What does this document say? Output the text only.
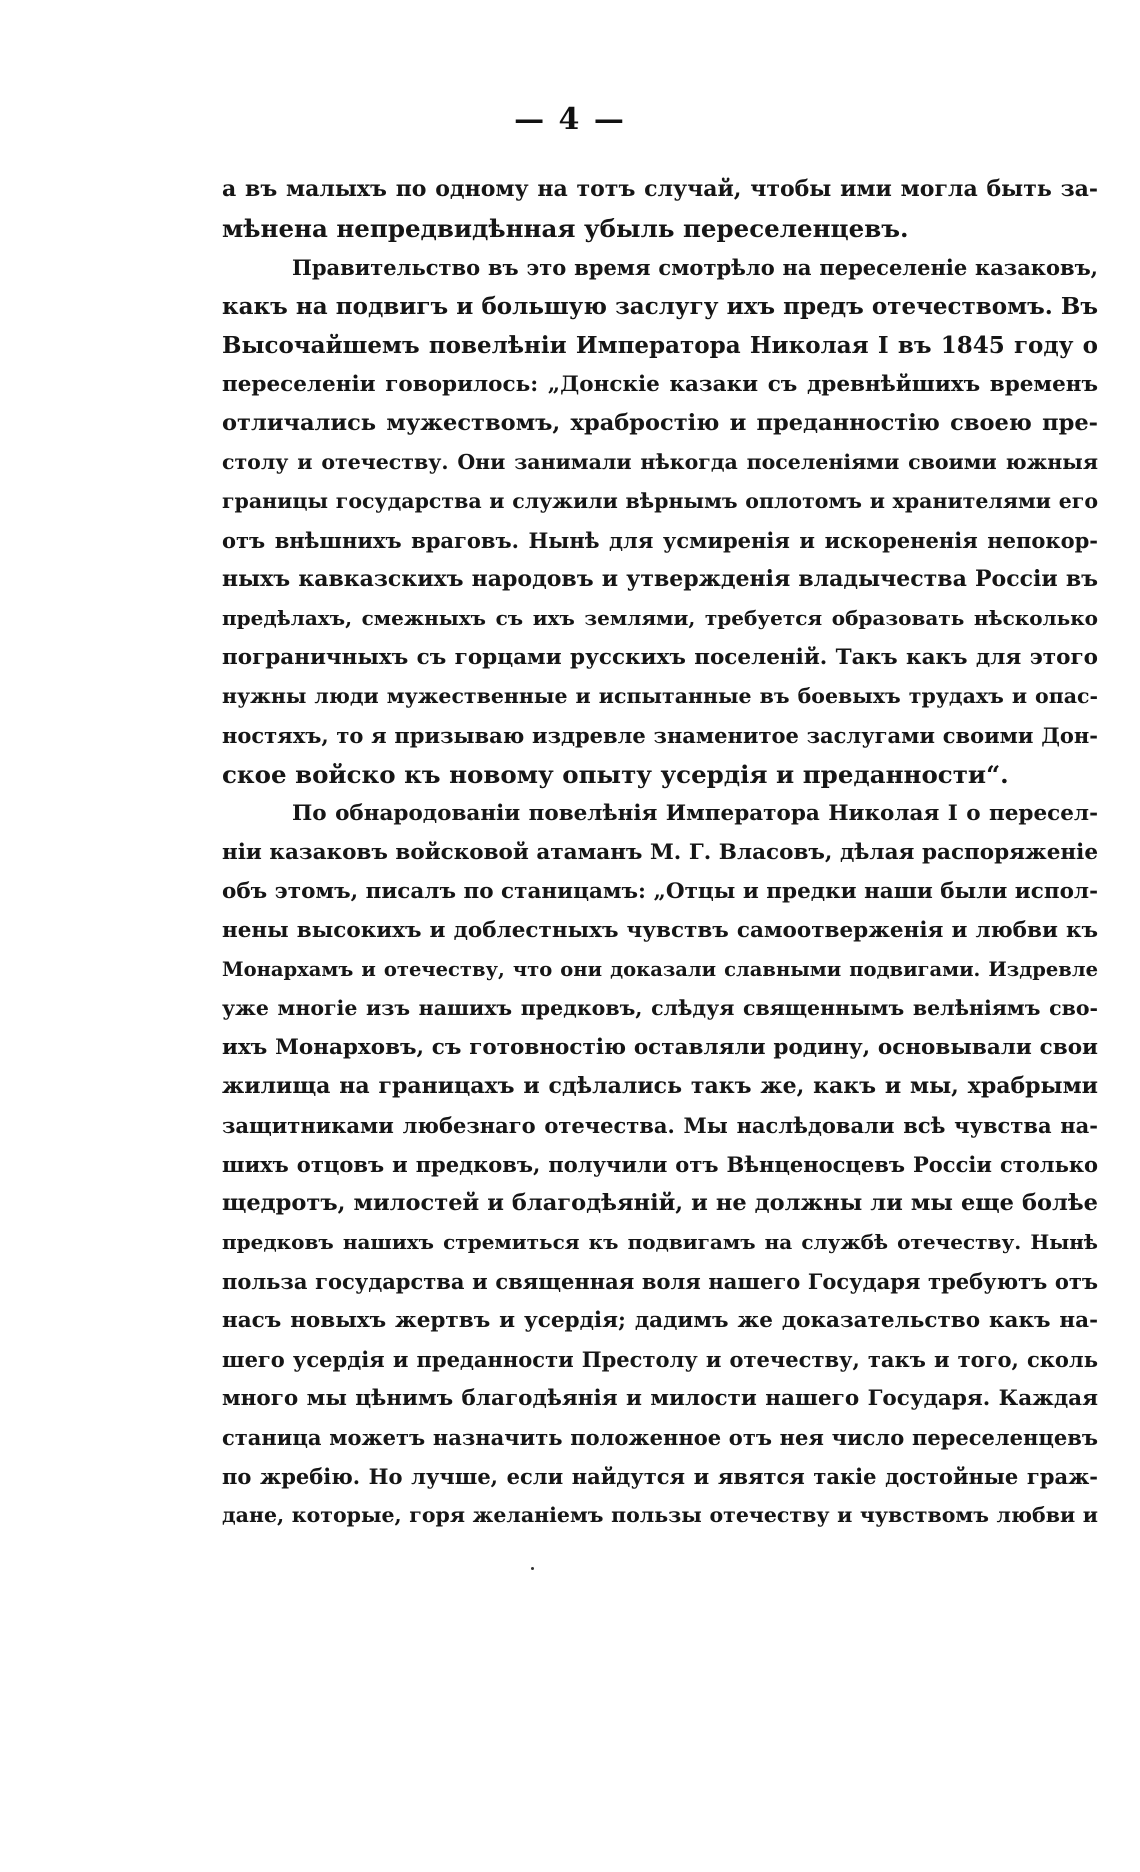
— 4 —
а въ малыхъ по одному на тотъ случай, чтобы ими могла быть за-
мѣнена непредвидѣнная убыль переселенцевъ.
Правительство въ это время смотрѣло на переселеніе казаковъ,
какъ на подвигъ и большую заслугу ихъ предъ отечествомъ. Въ
Высочайшемъ повелѣніи Императора Николая I въ 1845 году о
переселеніи говорилось: „Донскіе казаки съ древнѣйшихъ временъ
отличались мужествомъ, храбростію и преданностію своею пре-
столу и отечеству. Они занимали нѣкогда поселеніями своими южныя
границы государства и служили вѣрнымъ оплотомъ и хранителями его
отъ внѣшнихъ враговъ. Нынѣ для усмиренія и искорененія непокор-
ныхъ кавказскихъ народовъ и утвержденія владычества Россіи въ
предѣлахъ, смежныхъ съ ихъ землями, требуется образовать нѣсколько
пограничныхъ съ горцами русскихъ поселеній. Такъ какъ для этого
нужны люди мужественные и испытанные въ боевыхъ трудахъ и опас-
ностяхъ, то я призываю издревле знаменитое заслугами своими Дон-
ское войско къ новому опыту усердія и преданности“.
По обнародованіи повелѣнія Императора Николая I о пересел-
ніи казаковъ войсковой атаманъ М. Г. Власовъ, дѣлая распоряженіе
объ этомъ, писалъ по станицамъ: „Отцы и предки наши были испол-
нены высокихъ и доблестныхъ чувствъ самоотверженія и любви къ
Монархамъ и отечеству, что они доказали славными подвигами. Издревле
уже многіе изъ нашихъ предковъ, слѣдуя священнымъ велѣніямъ сво-
ихъ Монарховъ, съ готовностію оставляли родину, основывали свои
жилища на границахъ и сдѣлались такъ же, какъ и мы, храбрыми
защитниками любезнаго отечества. Мы наслѣдовали всѣ чувства на-
шихъ отцовъ и предковъ, получили отъ Вѣнценосцевъ Россіи столько
щедротъ, милостей и благодѣяній, и не должны ли мы еще болѣе
предковъ нашихъ стремиться къ подвигамъ на службѣ отечеству. Нынѣ
польза государства и священная воля нашего Государя требуютъ отъ
насъ новыхъ жертвъ и усердія; дадимъ же доказательство какъ на-
шего усердія и преданности Престолу и отечеству, такъ и того, сколь
много мы цѣнимъ благодѣянія и милости нашего Государя. Каждая
станица можетъ назначить положенное отъ нея число переселенцевъ
по жребію. Но лучше, если найдутся и явятся такіе достойные граж-
дане, которые, горя желаніемъ пользы отечеству и чувствомъ любви и
